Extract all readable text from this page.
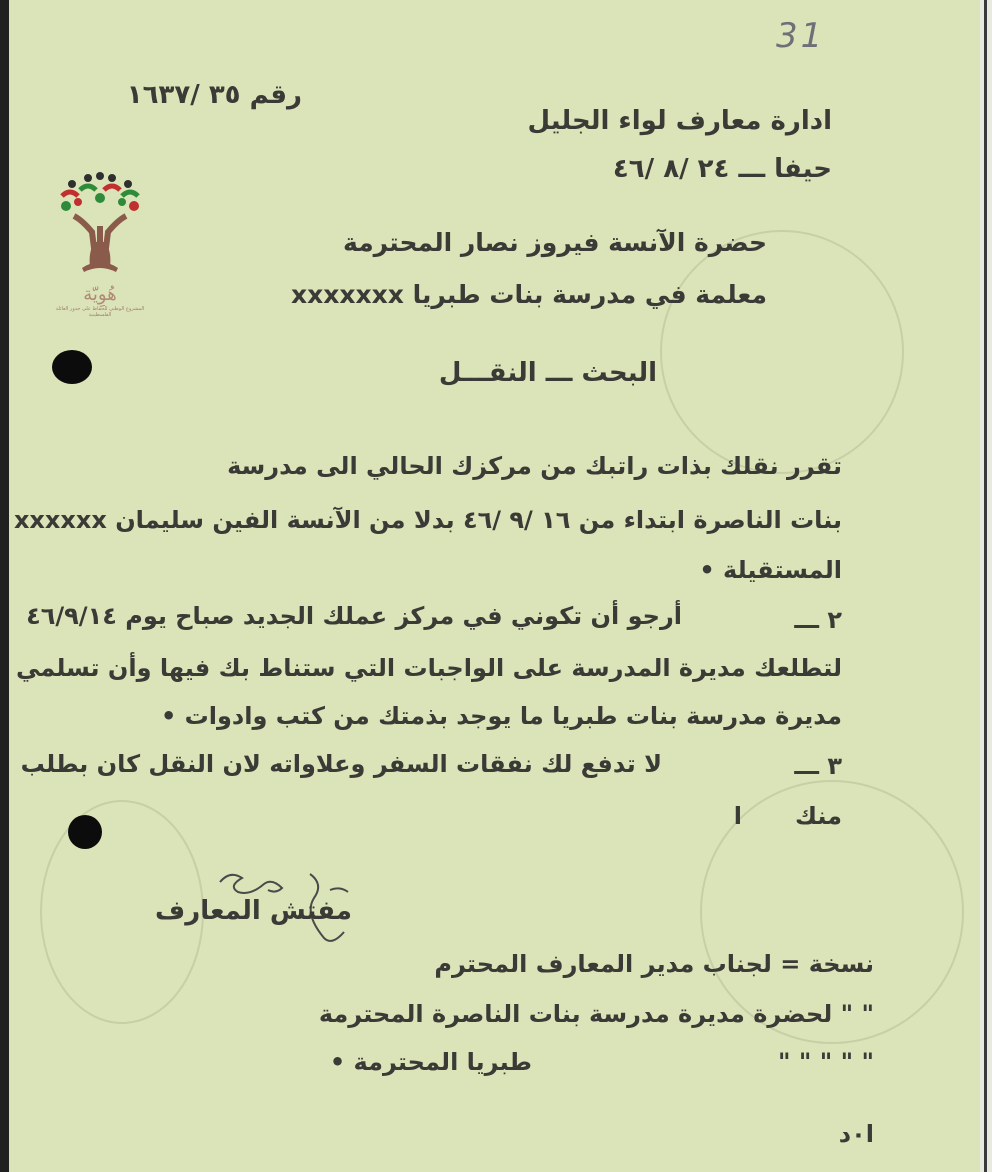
31
رقم ٣٥ /١٦٣٧
ادارة معارف لواء الجليل
حيفا ـــ ٢٤ /٨ /٤٦
هُوِيّة
المشروع الوطني للحفاظ على جذور العائلة الفلسطينية
حضرة الآنسة فيروز نصار المحترمة
معلمة في مدرسة بنات طبريا xxxxxxx
البحث ـــ النقـــل
تقرر نقلك بذات راتبك من مركزك الحالي الى مدرسة
بنات الناصرة ابتداء من ١٦ /٩ /٤٦ بدلا من الآنسة الفين سليمان xxxxxx
المستقيلة •
٢ ـــ
أرجو أن تكوني في مركز عملك الجديد صباح يوم ٤٦/٩/١٤
لتطلعك مديرة المدرسة على الواجبات التي ستناط بك فيها وأن تسلمي
مديرة مدرسة بنات طبريا ما يوجد بذمتك من كتب وادوات •
٣ ـــ
لا تدفع لك نفقات السفر وعلاواته لان النقل كان بطلب
منك
ا
مفتش المعارف
نسخة = لجناب مدير المعارف المحترم
" " لحضرة مديرة مدرسة بنات الناصرة المحترمة
" " " " "
طبريا المحترمة •
ا٠د
